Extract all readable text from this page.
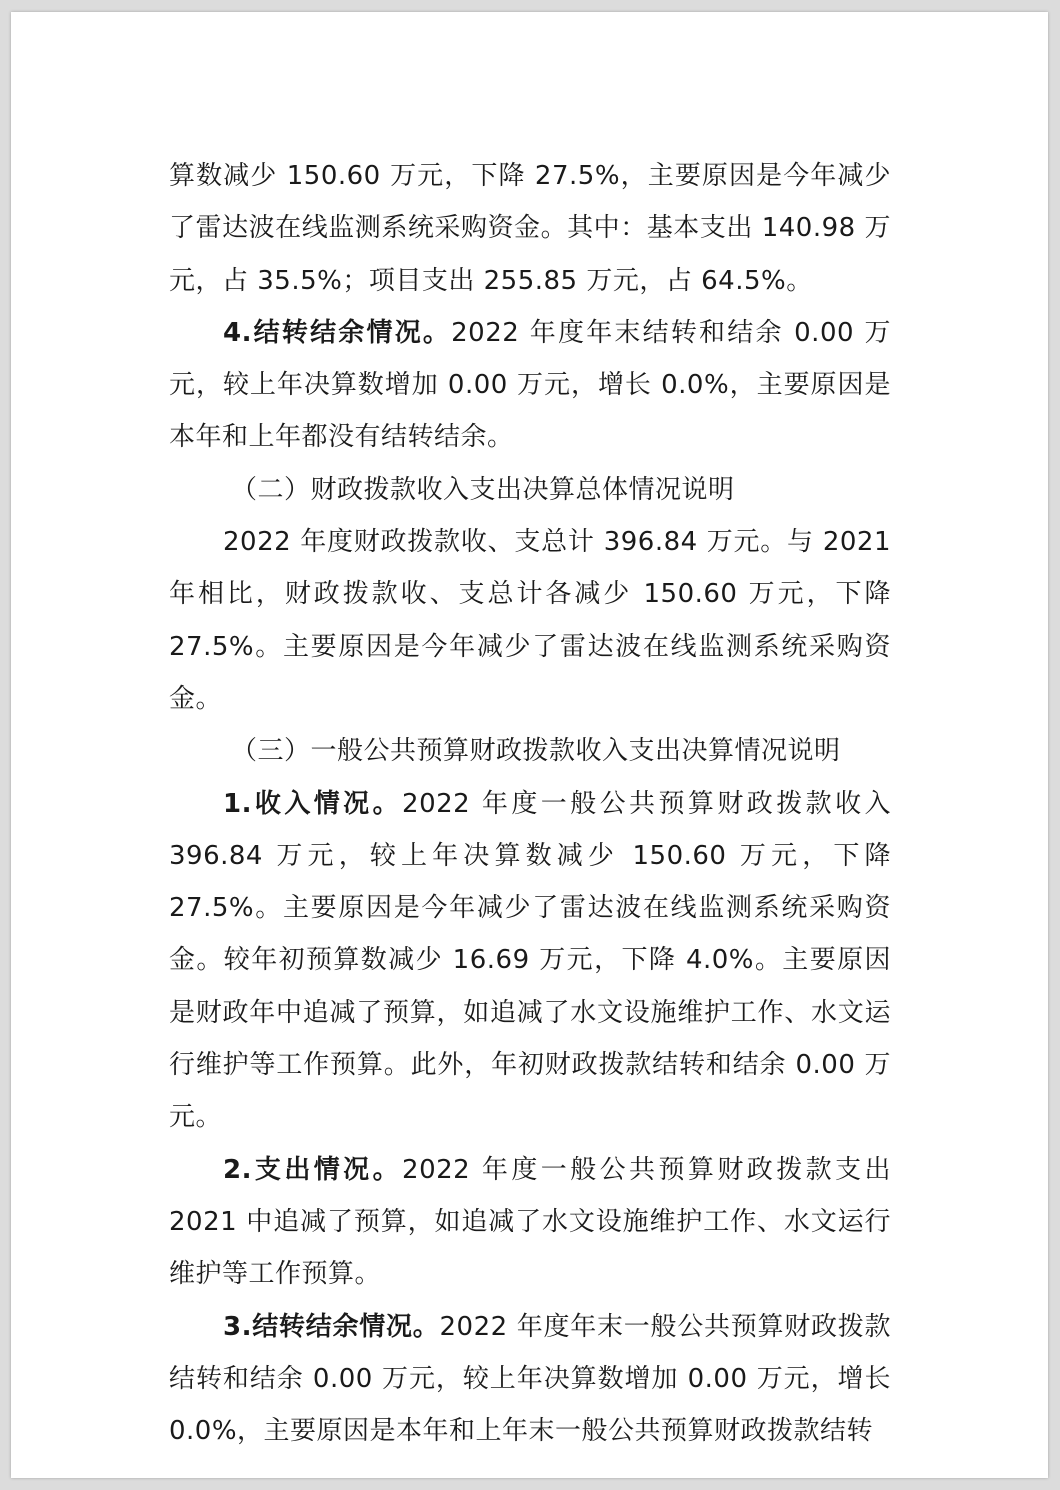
算数减少 150.60 万元，下降 27.5%，主要原因是今年减少了雷达波在线监测系统采购资金。其中：基本支出 140.98 万元，占 35.5%；项目支出 255.85 万元，占 64.5%。

4.结转结余情况。2022 年度年末结转和结余 0.00 万元，较上年决算数增加 0.00 万元，增长 0.0%，主要原因是本年和上年都没有结转结余。

（二）财政拨款收入支出决算总体情况说明

2022 年度财政拨款收、支总计 396.84 万元。与 2021 年相比，财政拨款收、支总计各减少 150.60 万元，下降 27.5%。主要原因是今年减少了雷达波在线监测系统采购资金。

（三）一般公共预算财政拨款收入支出决算情况说明

1.收入情况。2022 年度一般公共预算财政拨款收入 396.84 万元，较上年决算数减少 150.60 万元，下降 27.5%。主要原因是今年减少了雷达波在线监测系统采购资金。较年初预算数减少 16.69 万元，下降 4.0%。主要原因是财政年中追减了预算，如追减了水文设施维护工作、水文运行维护等工作预算。此外，年初财政拨款结转和结余 0.00 万元。

2.支出情况。2022 年度一般公共预算财政拨款支出 2021 中追减了预算，如追减了水文设施维护工作、水文运行维护等工作预算。

3.结转结余情况。2022 年度年末一般公共预算财政拨款结转和结余 0.00 万元，较上年决算数增加 0.00 万元，增长 0.0%，主要原因是本年和上年末一般公共预算财政拨款结转
